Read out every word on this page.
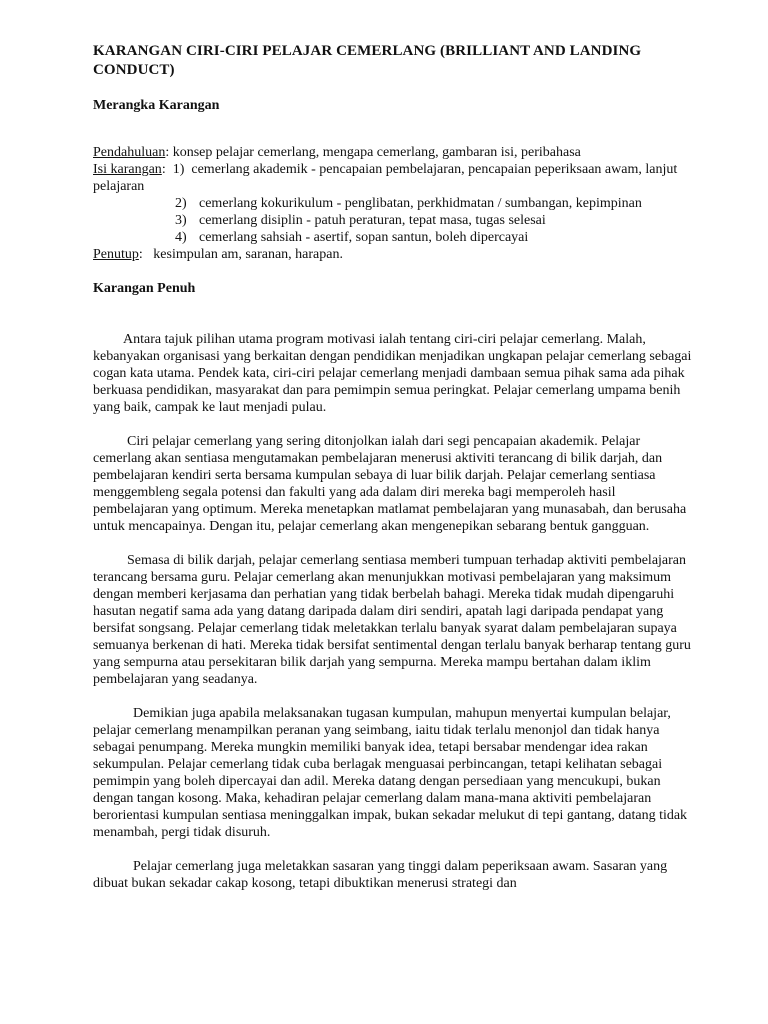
KARANGAN CIRI-CIRI PELAJAR CEMERLANG (BRILLIANT AND LANDING CONDUCT)
Merangka Karangan
Pendahuluan: konsep pelajar cemerlang, mengapa cemerlang, gambaran isi, peribahasa
Isi karangan: 1) cemerlang akademik - pencapaian pembelajaran, pencapaian peperiksaan awam, lanjut pelajaran
2) cemerlang kokurikulum - penglibatan, perkhidmatan / sumbangan, kepimpinan
3) cemerlang disiplin - patuh peraturan, tepat masa, tugas selesai
4) cemerlang sahsiah - asertif, sopan santun, boleh dipercayai
Penutup:   kesimpulan am, saranan, harapan.
Karangan Penuh

Antara tajuk pilihan utama program motivasi ialah tentang ciri-ciri pelajar cemerlang. Malah, kebanyakan organisasi yang berkaitan dengan pendidikan menjadikan ungkapan pelajar cemerlang sebagai cogan kata utama. Pendek kata, ciri-ciri pelajar cemerlang menjadi dambaan semua pihak sama ada pihak berkuasa pendidikan, masyarakat dan para pemimpin semua peringkat. Pelajar cemerlang umpama benih yang baik, campak ke laut menjadi pulau.

Ciri pelajar cemerlang yang sering ditonjolkan ialah dari segi pencapaian akademik. Pelajar cemerlang akan sentiasa mengutamakan pembelajaran menerusi aktiviti terancang di bilik darjah, dan pembelajaran kendiri serta bersama kumpulan sebaya di luar bilik darjah. Pelajar cemerlang sentiasa menggembleng segala potensi dan fakulti yang ada dalam diri mereka bagi memperoleh hasil pembelajaran yang optimum. Mereka menetapkan matlamat pembelajaran yang munasabah, dan berusaha untuk mencapainya. Dengan itu, pelajar cemerlang akan mengenepikan sebarang bentuk gangguan.

Semasa di bilik darjah, pelajar cemerlang sentiasa memberi tumpuan terhadap aktiviti pembelajaran terancang bersama guru. Pelajar cemerlang akan menunjukkan motivasi pembelajaran yang maksimum dengan memberi kerjasama dan perhatian yang tidak berbelah bahagi. Mereka tidak mudah dipengaruhi hasutan negatif sama ada yang datang daripada dalam diri sendiri, apatah lagi daripada pendapat yang bersifat songsang. Pelajar cemerlang tidak meletakkan terlalu banyak syarat dalam pembelajaran supaya semuanya berkenan di hati. Mereka tidak bersifat sentimental dengan terlalu banyak berharap tentang guru yang sempurna atau persekitaran bilik darjah yang sempurna. Mereka mampu bertahan dalam iklim pembelajaran yang seadanya.

Demikian juga apabila melaksanakan tugasan kumpulan, mahupun menyertai kumpulan belajar, pelajar cemerlang menampilkan peranan yang seimbang, iaitu tidak terlalu menonjol dan tidak hanya sebagai penumpang. Mereka mungkin memiliki banyak idea, tetapi bersabar mendengar idea rakan sekumpulan. Pelajar cemerlang tidak cuba berlagak menguasai perbincangan, tetapi kelihatan sebagai pemimpin yang boleh dipercayai dan adil. Mereka datang dengan persediaan yang mencukupi, bukan dengan tangan kosong. Maka, kehadiran pelajar cemerlang dalam mana-mana aktiviti pembelajaran berorientasi kumpulan sentiasa meninggalkan impak, bukan sekadar melukut di tepi gantang, datang tidak menambah, pergi tidak disuruh.

Pelajar cemerlang juga meletakkan sasaran yang tinggi dalam peperiksaan awam. Sasaran yang dibuat bukan sekadar cakap kosong, tetapi dibuktikan menerusi strategi dan
